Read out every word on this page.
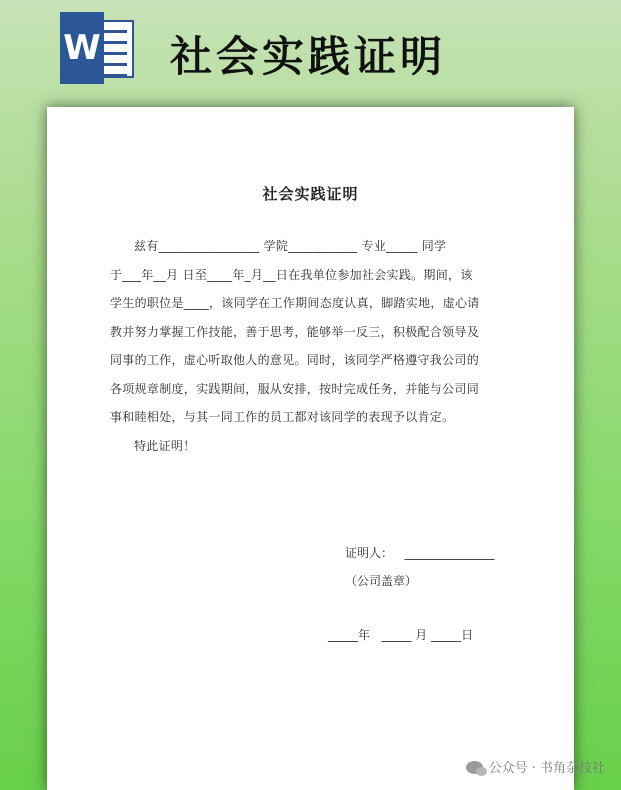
W 社会实践证明
社会实践证明

兹有________________ 学院___________ 专业_____ 同学

于___年__月 日至____年_月__日在我单位参加社会实践。期间，该

学生的职位是____，该同学在工作期间态度认真，脚踏实地，虚心请

教并努力掌握工作技能，善于思考，能够举一反三，积极配合领导及

同事的工作，虚心听取他人的意见。同时，该同学严格遵守我公司的

各项规章制度，实践期间，服从安排，按时完成任务，并能与公司同

事和睦相处，与其一同工作的员工都对该同学的表现予以肯定。

特此证明！

证明人：   _______________
（公司盖章）
_____年   _____ 月 _____日
公众号 · 书角杂技社
